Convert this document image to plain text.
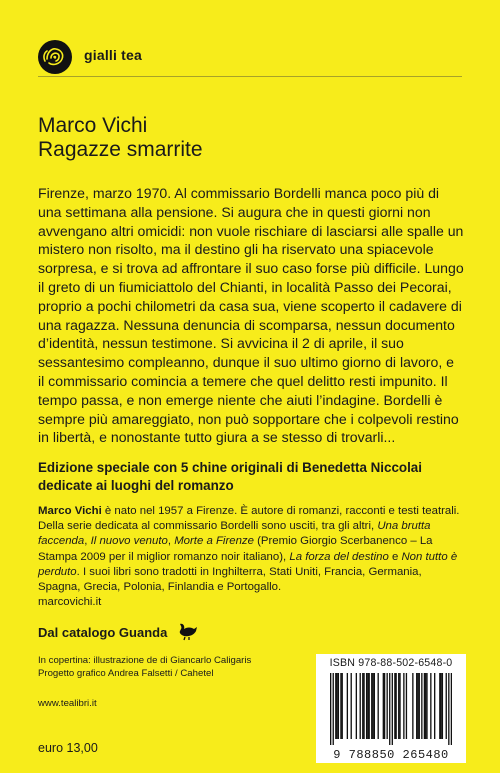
gialli tea
Marco Vichi
Ragazze smarrite

Firenze, marzo 1970. Al commissario Bordelli manca poco più di una settimana alla pensione. Si augura che in questi giorni non avvengano altri omicidi: non vuole rischiare di lasciarsi alle spalle un mistero non risolto, ma il destino gli ha riservato una spiacevole sorpresa, e si trova ad affrontare il suo caso forse più difficile. Lungo il greto di un fiumiciattolo del Chianti, in località Passo dei Pecorai, proprio a pochi chilometri da casa sua, viene scoperto il cadavere di una ragazza. Nessuna denuncia di scomparsa, nessun documento d’identità, nessun testimone. Si avvicina il 2 di aprile, il suo sessantesimo compleanno, dunque il suo ultimo giorno di lavoro, e il commissario comincia a temere che quel delitto resti impunito. Il tempo passa, e non emerge niente che aiuti l’indagine. Bordelli è sempre più amareggiato, non può sopportare che i colpevoli restino in libertà, e nonostante tutto giura a se stesso di trovarli...

Edizione speciale con 5 chine originali di Benedetta Niccolai dedicate ai luoghi del romanzo

Marco Vichi è nato nel 1957 a Firenze. È autore di romanzi, racconti e testi teatrali. Della serie dedicata al commissario Bordelli sono usciti, tra gli altri, Una brutta faccenda, Il nuovo venuto, Morte a Firenze (Premio Giorgio Scerbanenco – La Stampa 2009 per il miglior romanzo noir italiano), La forza del destino e Non tutto è perduto. I suoi libri sono tradotti in Inghilterra, Stati Uniti, Francia, Germania, Spagna, Grecia, Polonia, Finlandia e Portogallo.
marcovichi.it

Dal catalogo Guanda
In copertina: illustrazione de di Giancarlo Caligaris
Progetto grafico Andrea Falsetti / Cahetel
www.tealibri.it
euro 13,00
ISBN 978-88-502-6548-0
9 788850 265480
